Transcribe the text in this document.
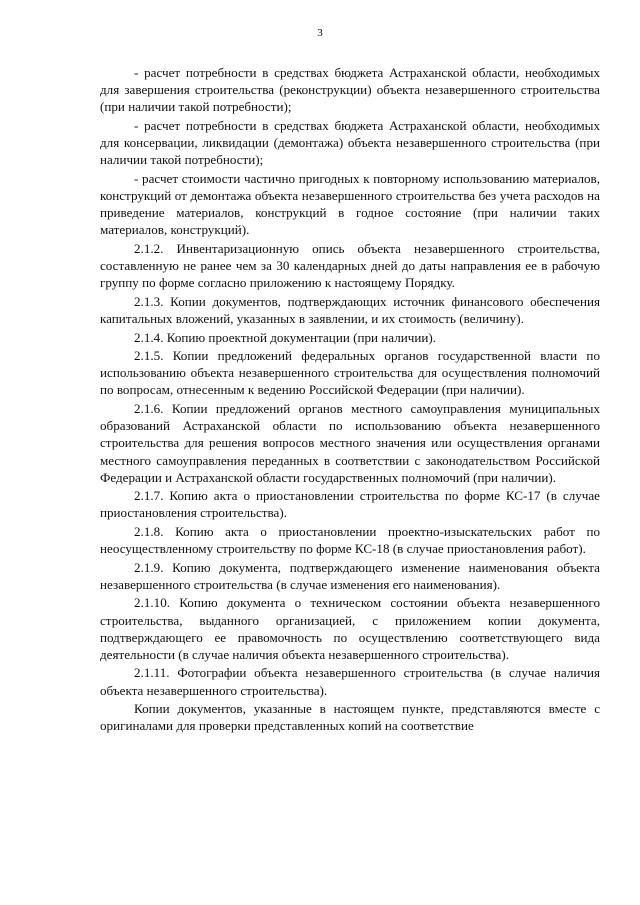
3

- расчет потребности в средствах бюджета Астраханской области, необходимых для завершения строительства (реконструкции) объекта незавершенного строительства (при наличии такой потребности);

- расчет потребности в средствах бюджета Астраханской области, необходимых для консервации, ликвидации (демонтажа) объекта незавершенного строительства (при наличии такой потребности);

- расчет стоимости частично пригодных к повторному использованию материалов, конструкций от демонтажа объекта незавершенного строительства без учета расходов на приведение материалов, конструкций в годное состояние (при наличии таких материалов, конструкций).

2.1.2. Инвентаризационную опись объекта незавершенного строительства, составленную не ранее чем за 30 календарных дней до даты направления ее в рабочую группу по форме согласно приложению к настоящему Порядку.

2.1.3. Копии документов, подтверждающих источник финансового обеспечения капитальных вложений, указанных в заявлении, и их стоимость (величину).

2.1.4. Копию проектной документации (при наличии).

2.1.5. Копии предложений федеральных органов государственной власти по использованию объекта незавершенного строительства для осуществления полномочий по вопросам, отнесенным к ведению Российской Федерации (при наличии).

2.1.6. Копии предложений органов местного самоуправления муниципальных образований Астраханской области по использованию объекта незавершенного строительства для решения вопросов местного значения или осуществления органами местного самоуправления переданных в соответствии с законодательством Российской Федерации и Астраханской области государственных полномочий (при наличии).

2.1.7. Копию акта о приостановлении строительства по форме КС-17 (в случае приостановления строительства).

2.1.8. Копию акта о приостановлении проектно-изыскательских работ по неосуществленному строительству по форме КС-18 (в случае приостановления работ).

2.1.9. Копию документа, подтверждающего изменение наименования объекта незавершенного строительства (в случае изменения его наименования).

2.1.10. Копию документа о техническом состоянии объекта незавершенного строительства, выданного организацией, с приложением копии документа, подтверждающего ее правомочность по осуществлению соответствующего вида деятельности (в случае наличия объекта незавершенного строительства).

2.1.11. Фотографии объекта незавершенного строительства (в случае наличия объекта незавершенного строительства).

Копии документов, указанные в настоящем пункте, представляются вместе с оригиналами для проверки представленных копий на соответствие
